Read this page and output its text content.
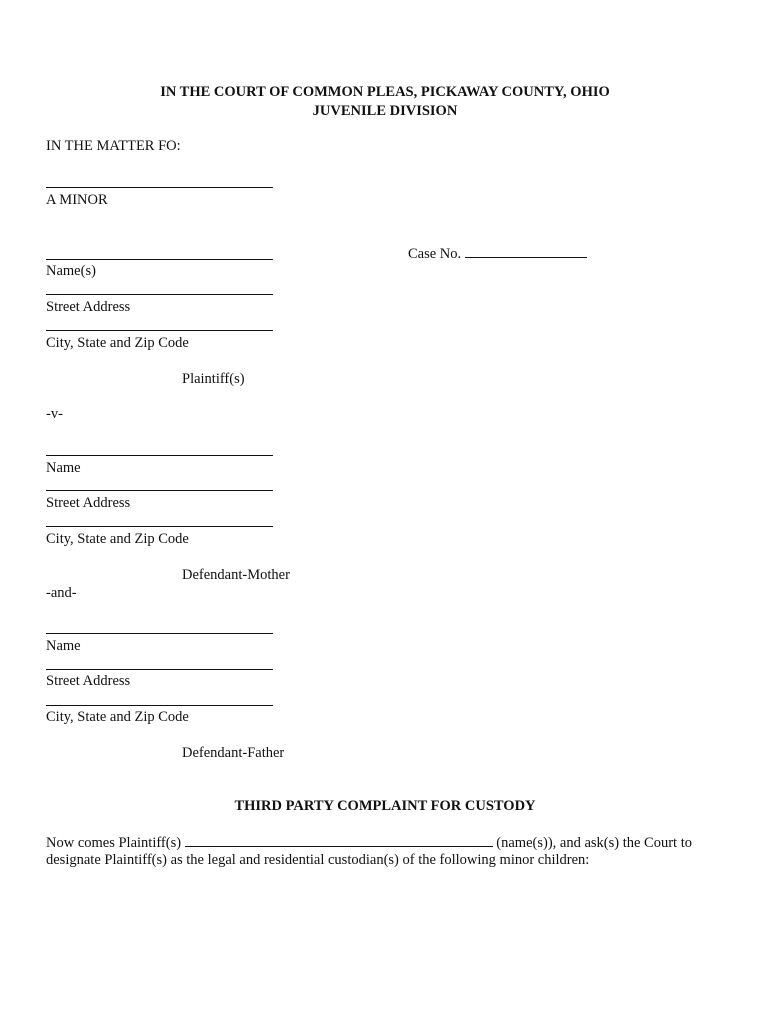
IN THE COURT OF COMMON PLEAS, PICKAWAY COUNTY, OHIO
JUVENILE DIVISION
IN THE MATTER FO:
A MINOR
Case No.
Name(s)
Street Address
City, State and Zip Code
Plaintiff(s)
-v-
Name
Street Address
City, State and Zip Code
Defendant-Mother
-and-
Name
Street Address
City, State and Zip Code
Defendant-Father
THIRD PARTY COMPLAINT FOR CUSTODY
Now comes Plaintiff(s)	(name(s)), and ask(s) the Court to
designate Plaintiff(s) as the legal and residential custodian(s) of the following minor children:
